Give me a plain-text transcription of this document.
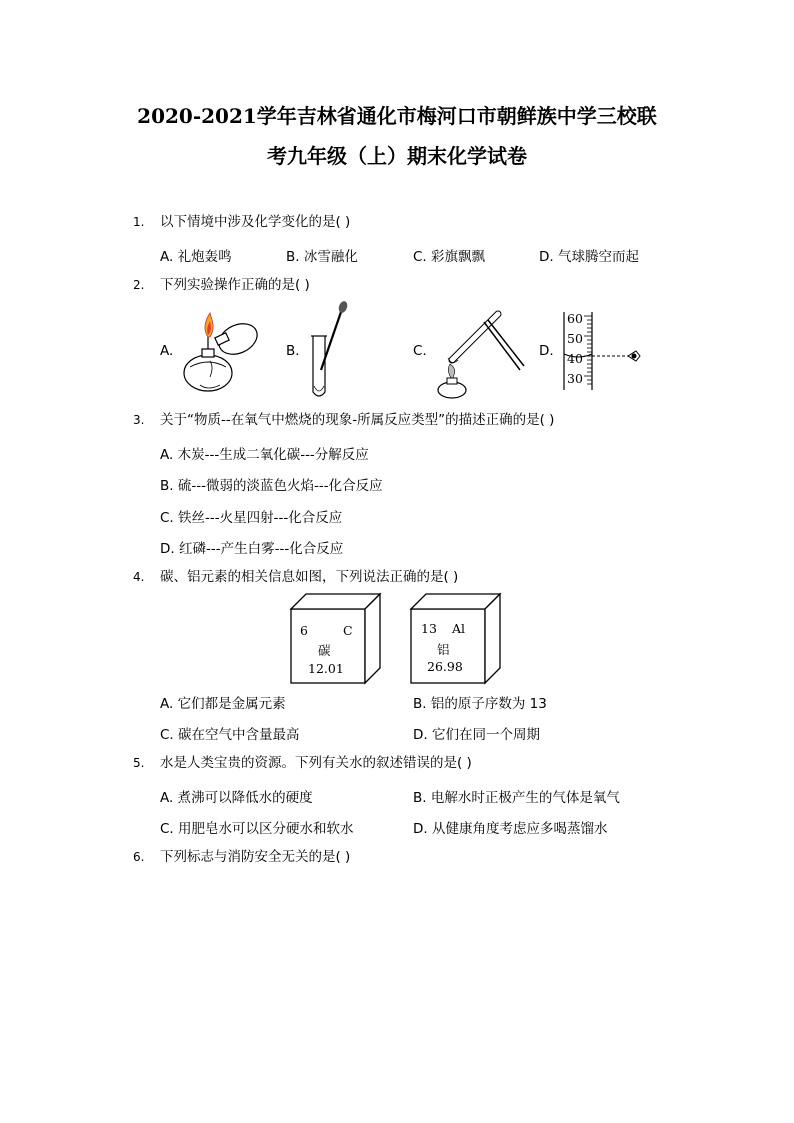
2020-2021学年吉林省通化市梅河口市朝鲜族中学三校联
考九年级（上）期末化学试卷
1. 以下情境中涉及化学变化的是( )
A. 礼炮轰鸣	B. 冰雪融化	C. 彩旗飘飘	D. 气球腾空而起
2. 下列实验操作正确的是( )
A.	B.	C.	D.
60
50
40
30
3. 关于“物质--在氧气中燃烧的现象-所属反应类型”的描述正确的是( )
A. 木炭---生成二氧化碳---分解反应
B. 硫---微弱的淡蓝色火焰---化合反应
C. 铁丝---火星四射---化合反应
D. 红磷---产生白雾---化合反应
4. 碳、铝元素的相关信息如图，下列说法正确的是( )
6	C
碳
12.01
13 Al
铝
26.98
A. 它们都是金属元素	B. 铝的原子序数为 13
C. 碳在空气中含量最高	D. 它们在同一个周期
5. 水是人类宝贵的资源。下列有关水的叙述错误的是( )
A. 煮沸可以降低水的硬度	B. 电解水时正极产生的气体是氧气
C. 用肥皂水可以区分硬水和软水	D. 从健康角度考虑应多喝蒸馏水
6. 下列标志与消防安全无关的是( )
